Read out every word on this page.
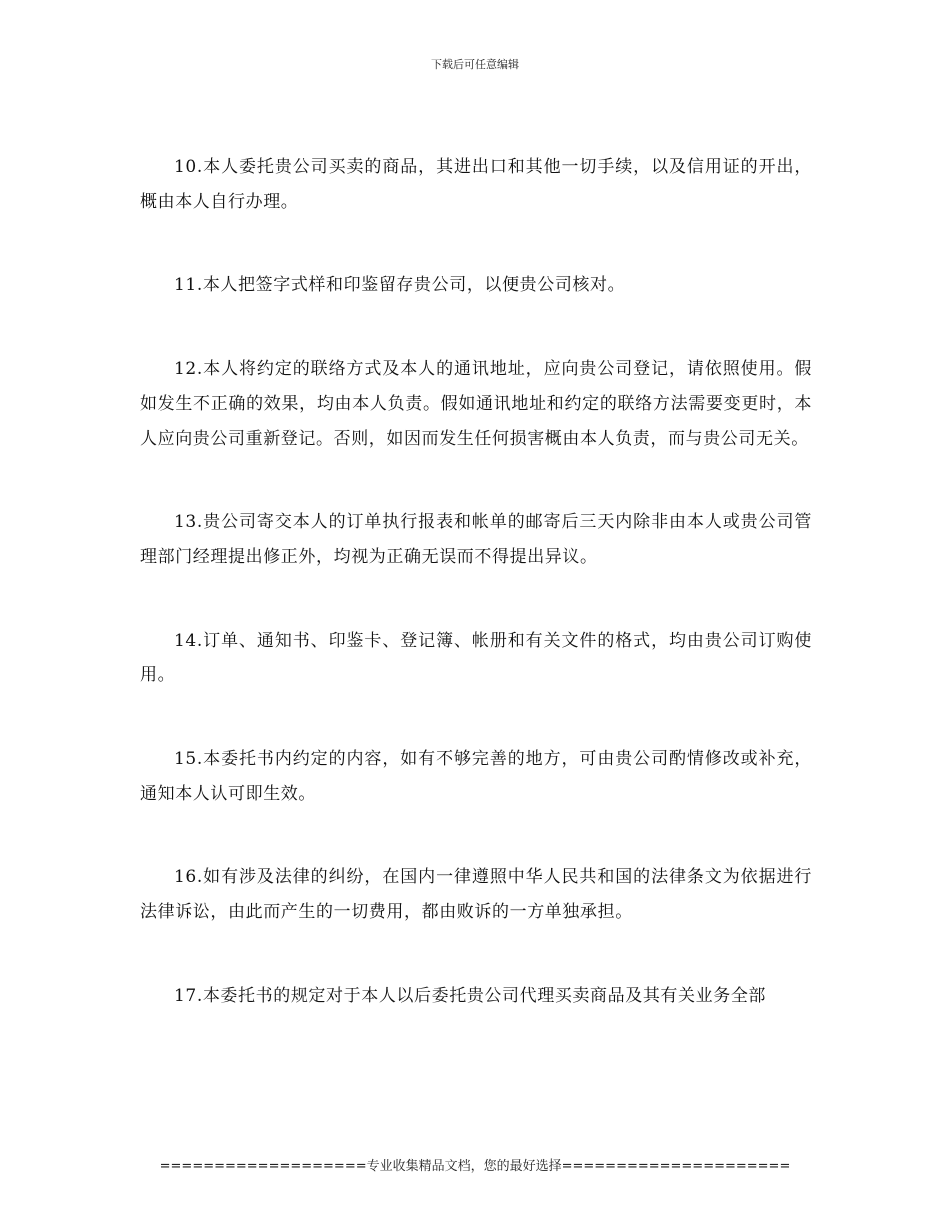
下载后可任意编辑

10.本人委托贵公司买卖的商品，其进出口和其他一切手续，以及信用证的开出，概由本人自行办理。

11.本人把签字式样和印鉴留存贵公司，以便贵公司核对。

12.本人将约定的联络方式及本人的通讯地址，应向贵公司登记，请依照使用。假如发生不正确的效果，均由本人负责。假如通讯地址和约定的联络方法需要变更时，本人应向贵公司重新登记。否则，如因而发生任何损害概由本人负责，而与贵公司无关。

13.贵公司寄交本人的订单执行报表和帐单的邮寄后三天内除非由本人或贵公司管理部门经理提出修正外，均视为正确无误而不得提出异议。

14.订单、通知书、印鉴卡、登记簿、帐册和有关文件的格式，均由贵公司订购使用。

15.本委托书内约定的内容，如有不够完善的地方，可由贵公司酌情修改或补充，通知本人认可即生效。

16.如有涉及法律的纠纷，在国内一律遵照中华人民共和国的法律条文为依据进行法律诉讼，由此而产生的一切费用，都由败诉的一方单独承担。

17.本委托书的规定对于本人以后委托贵公司代理买卖商品及其有关业务全部

===================专业收集精品文档，您的最好选择=====================
